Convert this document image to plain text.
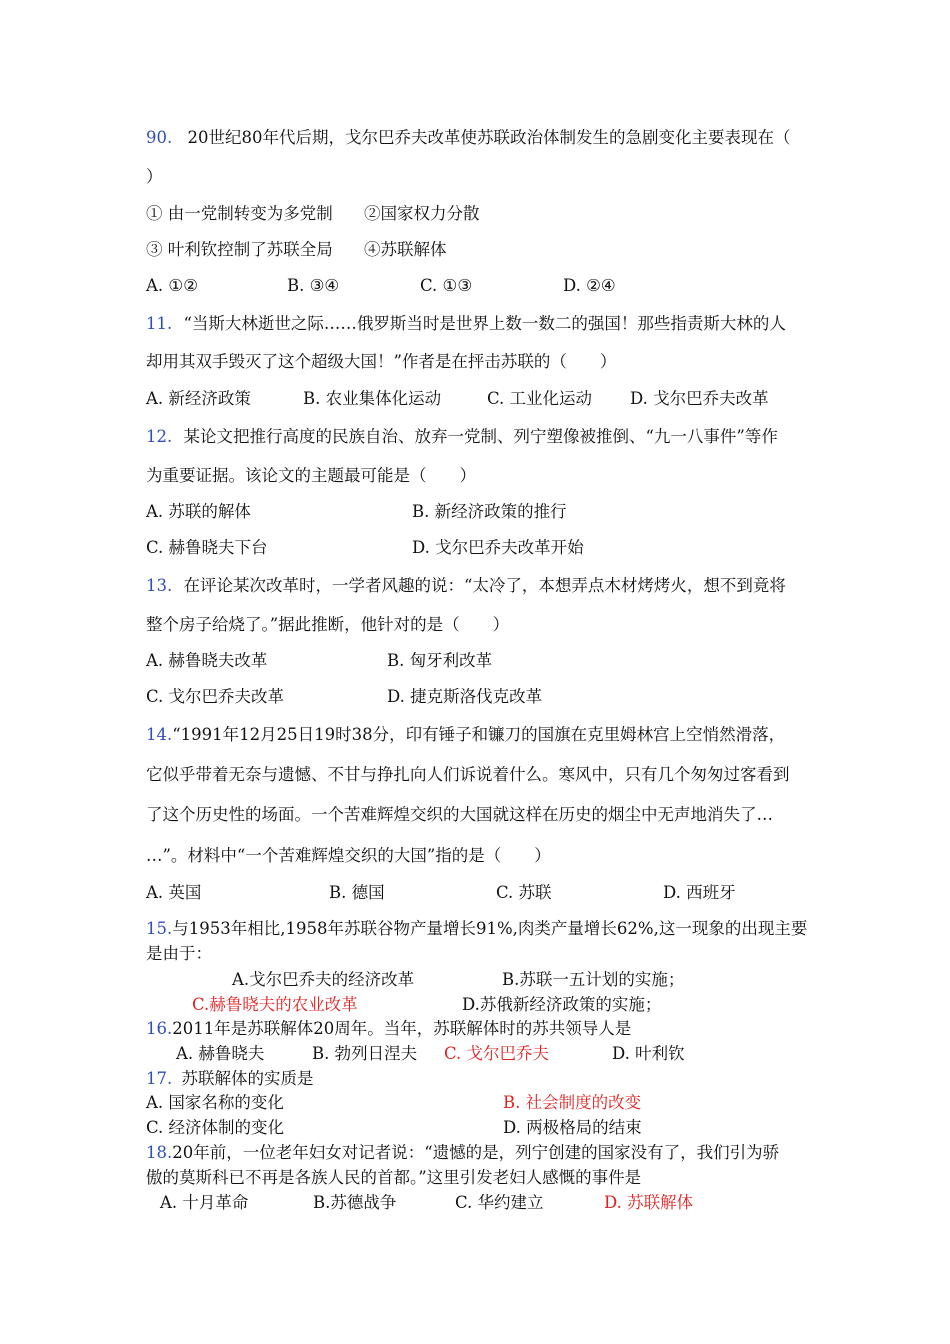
90. 20世纪80年代后期，戈尔巴乔夫改革使苏联政治体制发生的急剧变化主要表现在（
）
① 由一党制转变为多党制 ②国家权力分散
③ 叶利钦控制了苏联全局 ④苏联解体
A. ①②	B. ③④	C. ①③	D. ②④
11. “当斯大林逝世之际……俄罗斯当时是世界上数一数二的强国！那些指责斯大林的人
却用其双手毁灭了这个超级大国！”作者是在抨击苏联的（　　）
A. 新经济政策	B. 农业集体化运动	C. 工业化运动 D. 戈尔巴乔夫改革
12. 某论文把推行高度的民族自治、放弃一党制、列宁塑像被推倒、“九一八事件”等作
为重要证据。该论文的主题最可能是（　　）
A. 苏联的解体	B. 新经济政策的推行
C. 赫鲁晓夫下台	D. 戈尔巴乔夫改革开始
13. 在评论某次改革时，一学者风趣的说：“太冷了，本想弄点木材烤烤火，想不到竟将
整个房子给烧了。”据此推断，他针对的是（　　）
A. 赫鲁晓夫改革	B. 匈牙利改革
C. 戈尔巴乔夫改革	D. 捷克斯洛伐克改革
14.“1991年12月25日19时38分，印有锤子和镰刀的国旗在克里姆林宫上空悄然滑落，
它似乎带着无奈与遗憾、不甘与挣扎向人们诉说着什么。寒风中，只有几个匆匆过客看到
了这个历史性的场面。一个苦难辉煌交织的大国就这样在历史的烟尘中无声地消失了…
…”。材料中“一个苦难辉煌交织的大国”指的是（　　）
A. 英国	B. 德国	C. 苏联	D. 西班牙
15.与1953年相比,1958年苏联谷物产量增长91%,肉类产量增长62%,这一现象的出现主要
是由于：
A.戈尔巴乔夫的经济改革	B.苏联一五计划的实施；
C.赫鲁晓夫的农业改革	D.苏俄新经济政策的实施；
16.2011年是苏联解体20周年。当年，苏联解体时的苏共领导人是
A. 赫鲁晓夫	B. 勃列日涅夫 C. 戈尔巴乔夫	D. 叶利钦
17. 苏联解体的实质是
A. 国家名称的变化	B. 社会制度的改变
C. 经济体制的变化	D. 两极格局的结束
18.20年前，一位老年妇女对记者说：“遗憾的是，列宁创建的国家没有了，我们引为骄
傲的莫斯科已不再是各族人民的首都。”这里引发老妇人感慨的事件是
A. 十月革命	B.苏德战争	C. 华约建立	D. 苏联解体
